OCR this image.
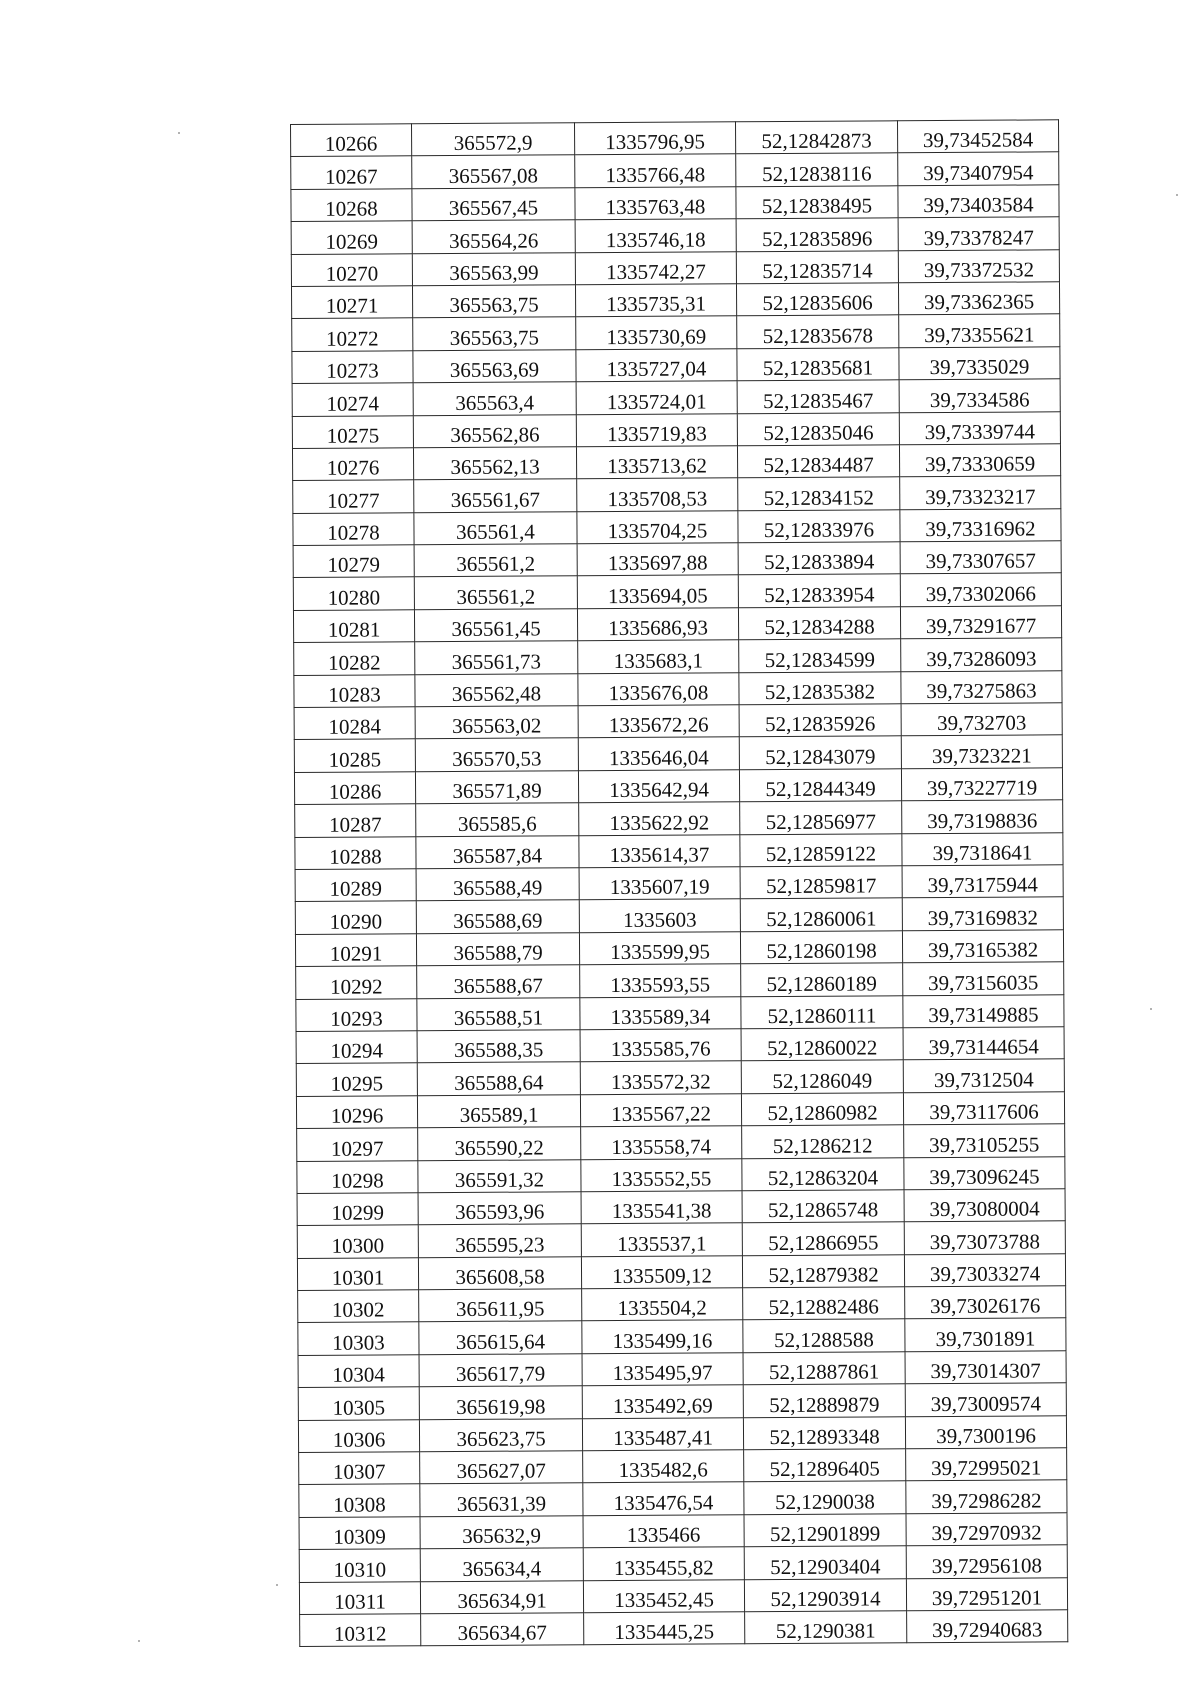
10266	365572,9	1335796,95	52,12842873	39,73452584
10267	365567,08	1335766,48	52,12838116	39,73407954
10268	365567,45	1335763,48	52,12838495	39,73403584
10269	365564,26	1335746,18	52,12835896	39,73378247
10270	365563,99	1335742,27	52,12835714	39,73372532
10271	365563,75	1335735,31	52,12835606	39,73362365
10272	365563,75	1335730,69	52,12835678	39,73355621
10273	365563,69	1335727,04	52,12835681	39,7335029
10274	365563,4	1335724,01	52,12835467	39,7334586
10275	365562,86	1335719,83	52,12835046	39,73339744
10276	365562,13	1335713,62	52,12834487	39,73330659
10277	365561,67	1335708,53	52,12834152	39,73323217
10278	365561,4	1335704,25	52,12833976	39,73316962
10279	365561,2	1335697,88	52,12833894	39,73307657
10280	365561,2	1335694,05	52,12833954	39,73302066
10281	365561,45	1335686,93	52,12834288	39,73291677
10282	365561,73	1335683,1	52,12834599	39,73286093
10283	365562,48	1335676,08	52,12835382	39,73275863
10284	365563,02	1335672,26	52,12835926	39,732703
10285	365570,53	1335646,04	52,12843079	39,7323221
10286	365571,89	1335642,94	52,12844349	39,73227719
10287	365585,6	1335622,92	52,12856977	39,73198836
10288	365587,84	1335614,37	52,12859122	39,7318641
10289	365588,49	1335607,19	52,12859817	39,73175944
10290	365588,69	1335603	52,12860061	39,73169832
10291	365588,79	1335599,95	52,12860198	39,73165382
10292	365588,67	1335593,55	52,12860189	39,73156035
10293	365588,51	1335589,34	52,12860111	39,73149885
10294	365588,35	1335585,76	52,12860022	39,73144654
10295	365588,64	1335572,32	52,1286049	39,7312504
10296	365589,1	1335567,22	52,12860982	39,73117606
10297	365590,22	1335558,74	52,1286212	39,73105255
10298	365591,32	1335552,55	52,12863204	39,73096245
10299	365593,96	1335541,38	52,12865748	39,73080004
10300	365595,23	1335537,1	52,12866955	39,73073788
10301	365608,58	1335509,12	52,12879382	39,73033274
10302	365611,95	1335504,2	52,12882486	39,73026176
10303	365615,64	1335499,16	52,1288588	39,7301891
10304	365617,79	1335495,97	52,12887861	39,73014307
10305	365619,98	1335492,69	52,12889879	39,73009574
10306	365623,75	1335487,41	52,12893348	39,7300196
10307	365627,07	1335482,6	52,12896405	39,72995021
10308	365631,39	1335476,54	52,1290038	39,72986282
10309	365632,9	1335466	52,12901899	39,72970932
10310	365634,4	1335455,82	52,12903404	39,72956108
10311	365634,91	1335452,45	52,12903914	39,72951201
10312	365634,67	1335445,25	52,1290381	39,72940683
